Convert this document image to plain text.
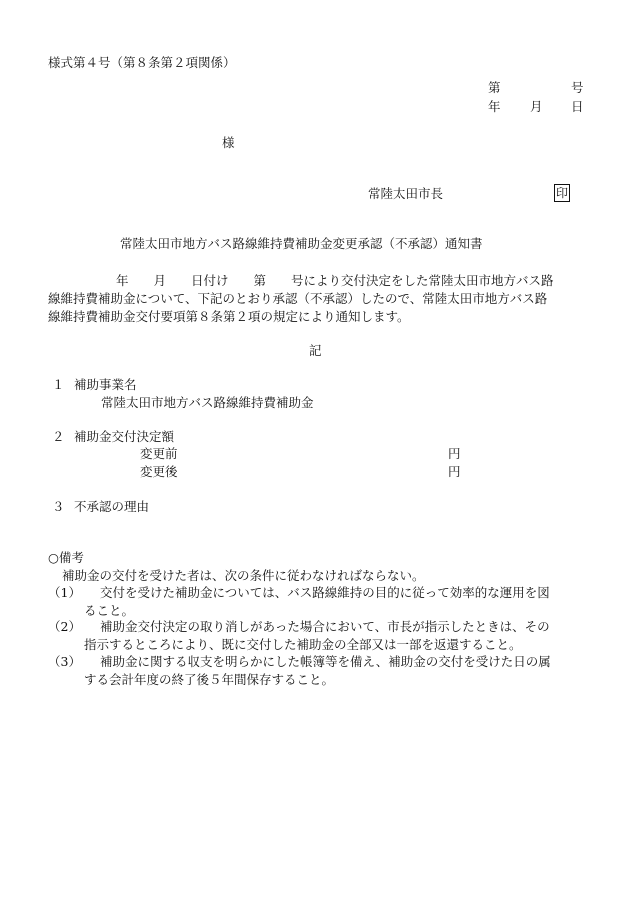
様式第４号（第８条第２項関係）
第	号
年 月 日
様
常陸太田市長	印
常陸太田市地方バス路線維持費補助金変更承認（不承認）通知書
年　　月　　日付け　　第　　号により交付決定をした常陸太田市地方バス路
線維持費補助金について、下記のとおり承認（不承認）したので、常陸太田市地方バス路
線維持費補助金交付要項第８条第２項の規定により通知します。
記
１ 補助事業名
常陸太田市地方バス路線維持費補助金
２ 補助金交付決定額
変更前	円
変更後	円
３ 不承認の理由
○備考
補助金の交付を受けた者は、次の条件に従わなければならない。
（1） 交付を受けた補助金については、バス路線維持の目的に従って効率的な運用を図
ること。
（2） 補助金交付決定の取り消しがあった場合において、市長が指示したときは、その
指示するところにより、既に交付した補助金の全部又は一部を返還すること。
（3） 補助金に関する収支を明らかにした帳簿等を備え、補助金の交付を受けた日の属
する会計年度の終了後５年間保存すること。
